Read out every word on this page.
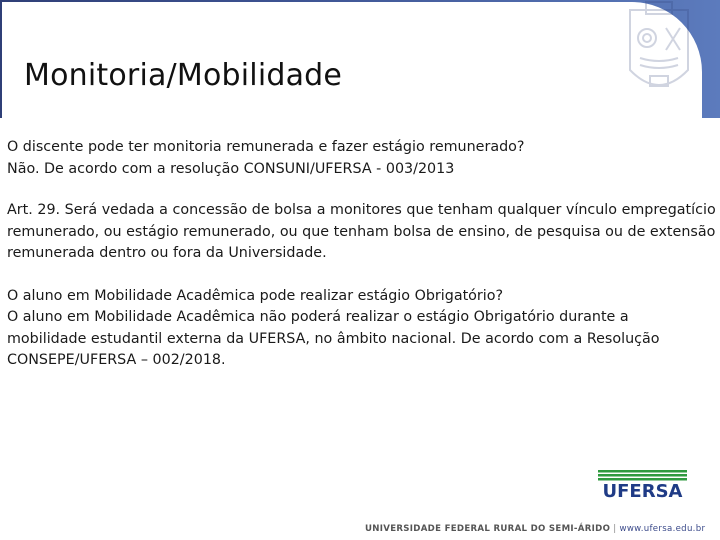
Monitoria/Mobilidade

O discente pode ter monitoria remunerada e fazer estágio remunerado?

Não. De acordo com a resolução CONSUNI/UFERSA - 003/2013

Art. 29. Será vedada a concessão de bolsa a monitores que tenham qualquer vínculo empregatício

remunerado, ou estágio remunerado, ou que tenham bolsa de ensino, de pesquisa ou de extensão

remunerada dentro ou fora da Universidade.

O aluno em Mobilidade Acadêmica pode realizar estágio Obrigatório?

O aluno em Mobilidade Acadêmica não poderá realizar o estágio Obrigatório durante a

mobilidade estudantil externa da UFERSA, no âmbito nacional. De acordo com a Resolução

CONSEPE/UFERSA – 002/2018.

UFERSA
UNIVERSIDADE FEDERAL RURAL DO SEMI-ÁRIDO | www.ufersa.edu.br
